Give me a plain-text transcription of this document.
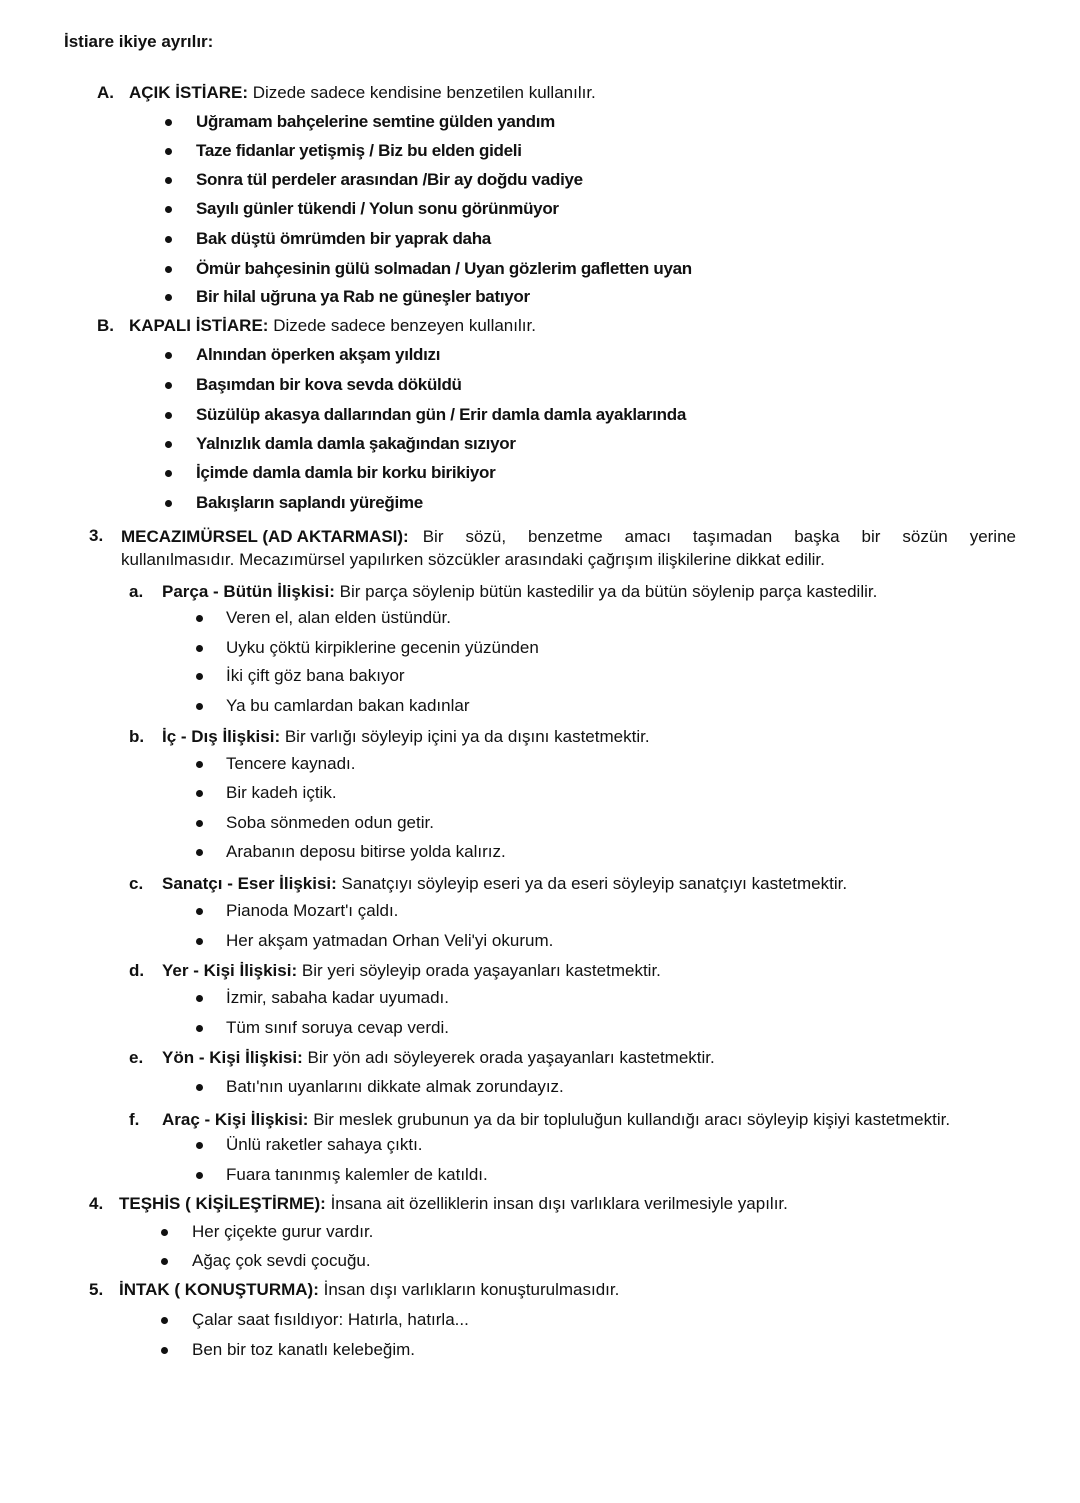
İstiare ikiye ayrılır:
A. AÇIK İSTİARE: Dizede sadece kendisine benzetilen kullanılır.
Uğramam bahçelerine semtine gülden yandım
Taze fidanlar yetişmiş / Biz bu elden gideli
Sonra tül perdeler arasından /Bir ay doğdu vadiye
Sayılı günler tükendi / Yolun sonu görünmüyor
Bak düştü ömrümden bir yaprak daha
Ömür bahçesinin gülü solmadan / Uyan gözlerim gafletten uyan
Bir hilal uğruna ya Rab ne güneşler batıyor
B. KAPALI İSTİARE: Dizede sadece benzeyen kullanılır.
Alnından öperken akşam yıldızı
Başımdan bir kova sevda döküldü
Süzülüp akasya dallarından gün / Erir damla damla ayaklarında
Yalnızlık damla damla şakağından sızıyor
İçimde damla damla bir korku birikiyor
Bakışların saplandı yüreğime
3.	MECAZIMÜRSEL (AD AKTARMASI): Bir sözü, benzetme amacı taşımadan başka bir sözün yerine
kullanılmasıdır. Mecazımürsel yapılırken sözcükler arasındaki çağrışım ilişkilerine dikkat edilir.
a. Parça - Bütün İlişkisi: Bir parça söylenip bütün kastedilir ya da bütün söylenip parça kastedilir.
Veren el, alan elden üstündür.
Uyku çöktü kirpiklerine gecenin yüzünden
İki çift göz bana bakıyor
Ya bu camlardan bakan kadınlar
b. İç - Dış İlişkisi: Bir varlığı söyleyip içini ya da dışını kastetmektir.
Tencere kaynadı.
Bir kadeh içtik.
Soba sönmeden odun getir.
Arabanın deposu bitirse yolda kalırız.
c. Sanatçı - Eser İlişkisi: Sanatçıyı söyleyip eseri ya da eseri söyleyip sanatçıyı kastetmektir.
Pianoda Mozart'ı çaldı.
Her akşam yatmadan Orhan Veli'yi okurum.
d. Yer - Kişi İlişkisi: Bir yeri söyleyip orada yaşayanları kastetmektir.
İzmir, sabaha kadar uyumadı.
Tüm sınıf soruya cevap verdi.
e. Yön - Kişi İlişkisi: Bir yön adı söyleyerek orada yaşayanları kastetmektir.
Batı'nın uyanlarını dikkate almak zorundayız.
f. Araç - Kişi İlişkisi: Bir meslek grubunun ya da bir topluluğun kullandığı aracı söyleyip kişiyi kastetmektir.
Ünlü raketler sahaya çıktı.
Fuara tanınmış kalemler de katıldı.
4. TEŞHİS ( KİŞİLEŞTİRME): İnsana ait özelliklerin insan dışı varlıklara verilmesiyle yapılır.
Her çiçekte gurur vardır.
Ağaç çok sevdi çocuğu.
5. İNTAK ( KONUŞTURMA): İnsan dışı varlıkların konuşturulmasıdır.
Çalar saat fısıldıyor: Hatırla, hatırla...
Ben bir toz kanatlı kelebeğim.
